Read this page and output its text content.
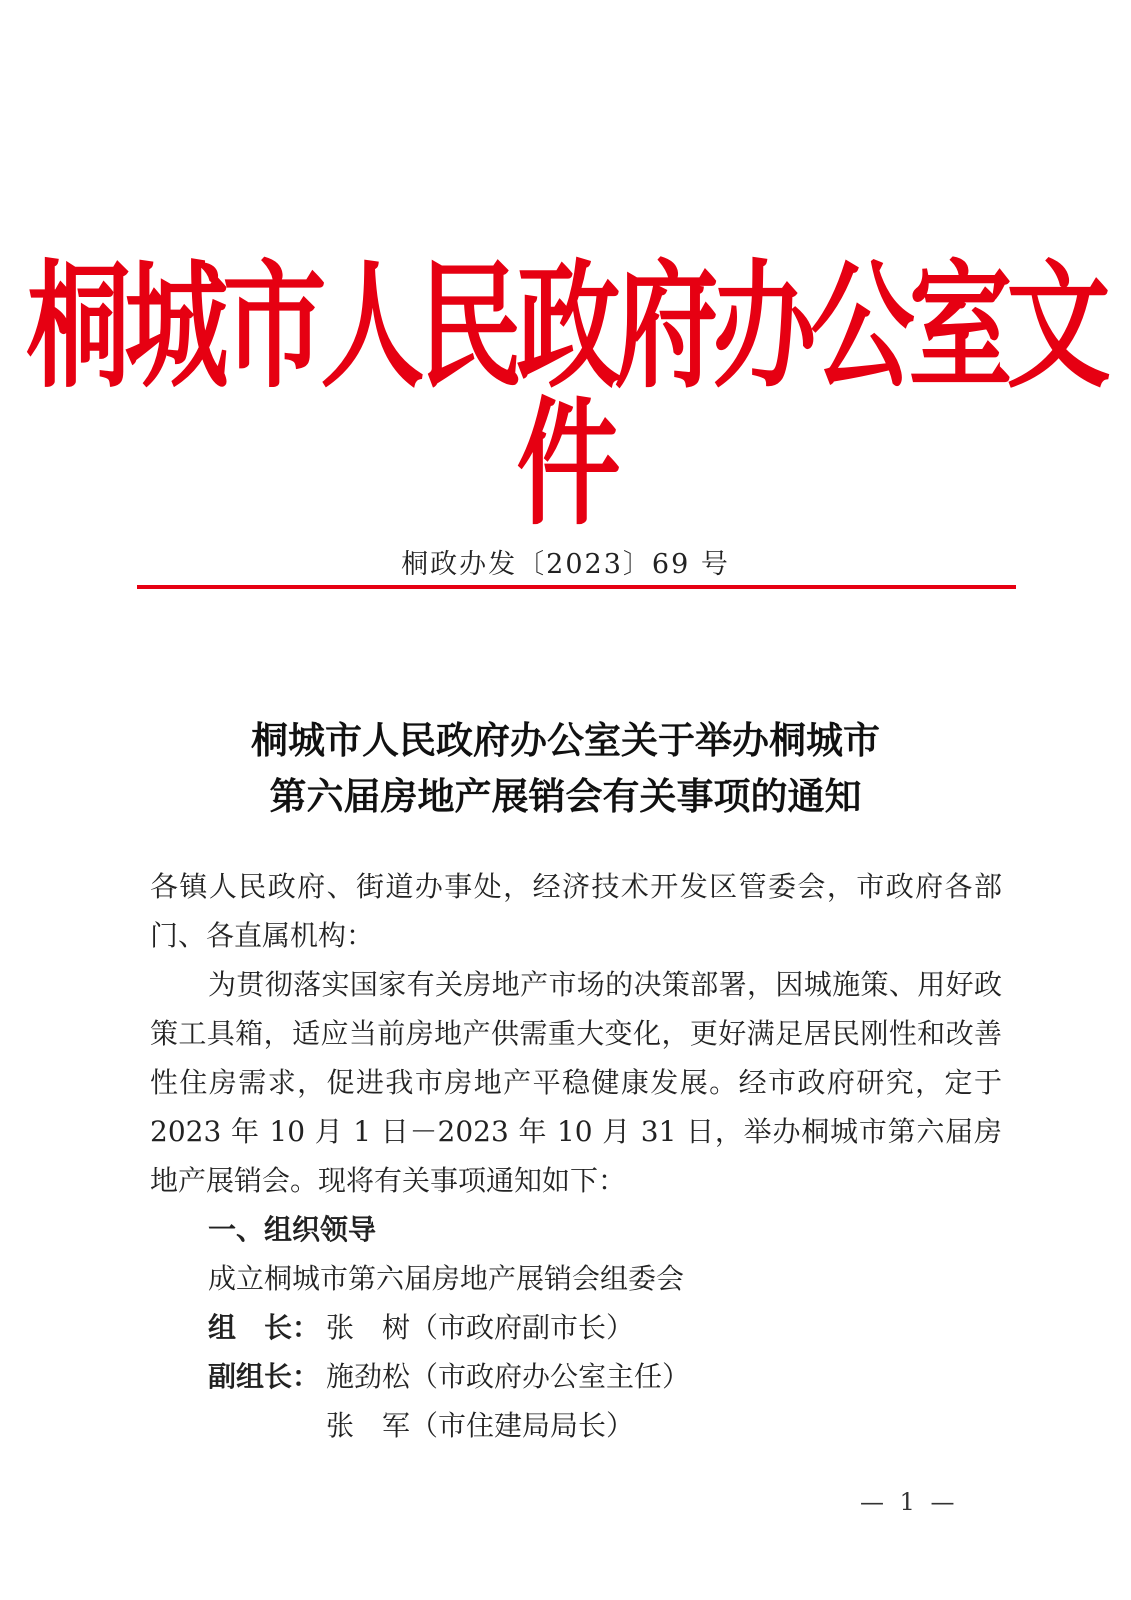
桐城市人民政府办公室文件
桐政办发〔2023〕69 号
桐城市人民政府办公室关于举办桐城市
第六届房地产展销会有关事项的通知

各镇人民政府、街道办事处，经济技术开发区管委会，市政府各部门、各直属机构：

为贯彻落实国家有关房地产市场的决策部署，因城施策、用好政策工具箱，适应当前房地产供需重大变化，更好满足居民刚性和改善性住房需求，促进我市房地产平稳健康发展。经市政府研究，定于 2023 年 10 月 1 日－2023 年 10 月 31 日，举办桐城市第六届房地产展销会。现将有关事项通知如下：

一、组织领导

成立桐城市第六届房地产展销会组委会

组　长： 张　树（市政府副市长）
副组长： 施劲松（市政府办公室主任）
张　军（市住建局局长）
— 1 —
